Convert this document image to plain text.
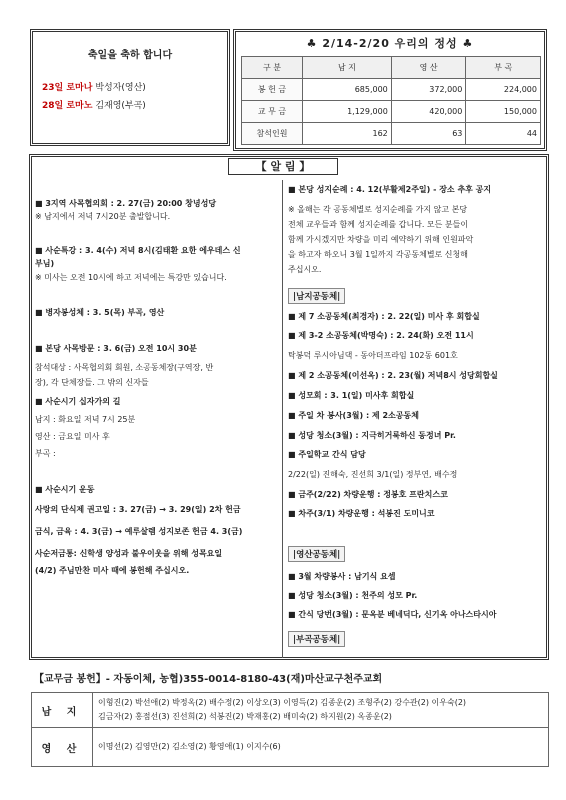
축일을 축하 합니다
23일 로마나 박성자(영산)
28일 로마노 김재영(부곡)
♣ 2/14-2/20 우리의 정성 ♣
구 분	남 지	영 산	부 곡
봉 헌 금	685,000	372,000	224,000
교 무 금	1,129,000	420,000	150,000
참석인원	162	63	44
【 알 림 】
■ 3지역 사목협의회 : 2. 27(금) 20:00 창녕성당
※ 남지에서 저녁 7시20분 출발합니다.
■ 사순특강 : 3. 4(수) 저녁 8시(김태환 요한 에우데스 신
부님)
※ 미사는 오전 10시에 하고 저녁에는 특강만 있습니다.
■ 병자봉성체 : 3. 5(목) 부곡, 영산
■ 본당 사목방문 : 3. 6(금) 오전 10시 30분
참석대상 : 사목협의회 회원, 소공동체장(구역장, 반
장), 각 단체장들. 그 밖의 신자들
■ 사순시기 십자가의 길
남지 : 화요일 저녁 7시 25분
영산 : 금요일 미사 후
부곡 :
■ 사순시기 운동
사랑의 단식제 권고일 : 3. 27(금) → 3. 29(일) 2차 헌금
금식, 금육 : 4. 3(금) → 예루살렘 성지보존 헌금 4. 3(금)
사순저금통: 신학생 양성과 불우이웃을 위해 성목요일
(4/2) 주님만찬 미사 때에 봉헌해 주십시오.
■ 본당 성지순례 : 4. 12(부활제2주일) - 장소 추후 공지
※ 올해는 각 공동체별로 성지순례를 가지 않고 본당
전체 교우들과 함께 성지순례를 갑니다. 모든 분들이
함께 가시겠지만 차량을 미리 예약하기 위해 인원파악
을 하고자 하오니 3월 1일까지 각공동체별로 신청해
주십시오.
|남지공동체|
■ 제 7 소공동체(최경자) : 2. 22(일) 미사 후 회합실
■ 제 3-2 소공동체(박명숙) : 2. 24(화) 오전 11시
탁봉덕 루시아님댁 - 동아더프라임 102동 601호
■ 제 2 소공동체(이선옥) : 2. 23(월) 저녁8시 성당회합실
■ 성모회 : 3. 1(일) 미사후 회합실
■ 주일 차 봉사(3월) : 제 2소공동체
■ 성당 청소(3월) : 지극히거룩하신 동정녀 Pr.
■ 주일학교 간식 담당
2/22(일) 진해숙, 진선희 3/1(일) 정부연, 배수정
■ 금주(2/22) 차량운행 : 정봉호 프란치스코
■ 차주(3/1) 차량운행 : 석봉진 도미니코
|영산공동체|
■ 3월 차량봉사 : 남기식 요셉
■ 성당 청소(3월) : 천주의 성모 Pr.
■ 간식 당번(3월) : 문옥분 베네딕다, 신기옥 아나스타시아
|부곡공동체|
【교무금 봉헌】- 자동이체, 농협)355-0014-8180-43(재)마산교구천주교회
남 지	이형진(2) 박선애(2) 박정옥(2) 배수정(2) 이상오(3) 이영득(2) 김종운(2) 조형주(2) 강수관(2) 이우숙(2)
김금자(2) 홍점선(3) 진선희(2) 석봉진(2) 박재홍(2) 배미숙(2) 하지원(2) 옥종운(2)

영 산	이명선(2) 김영만(2) 김소영(2) 황영애(1) 이지수(6)
